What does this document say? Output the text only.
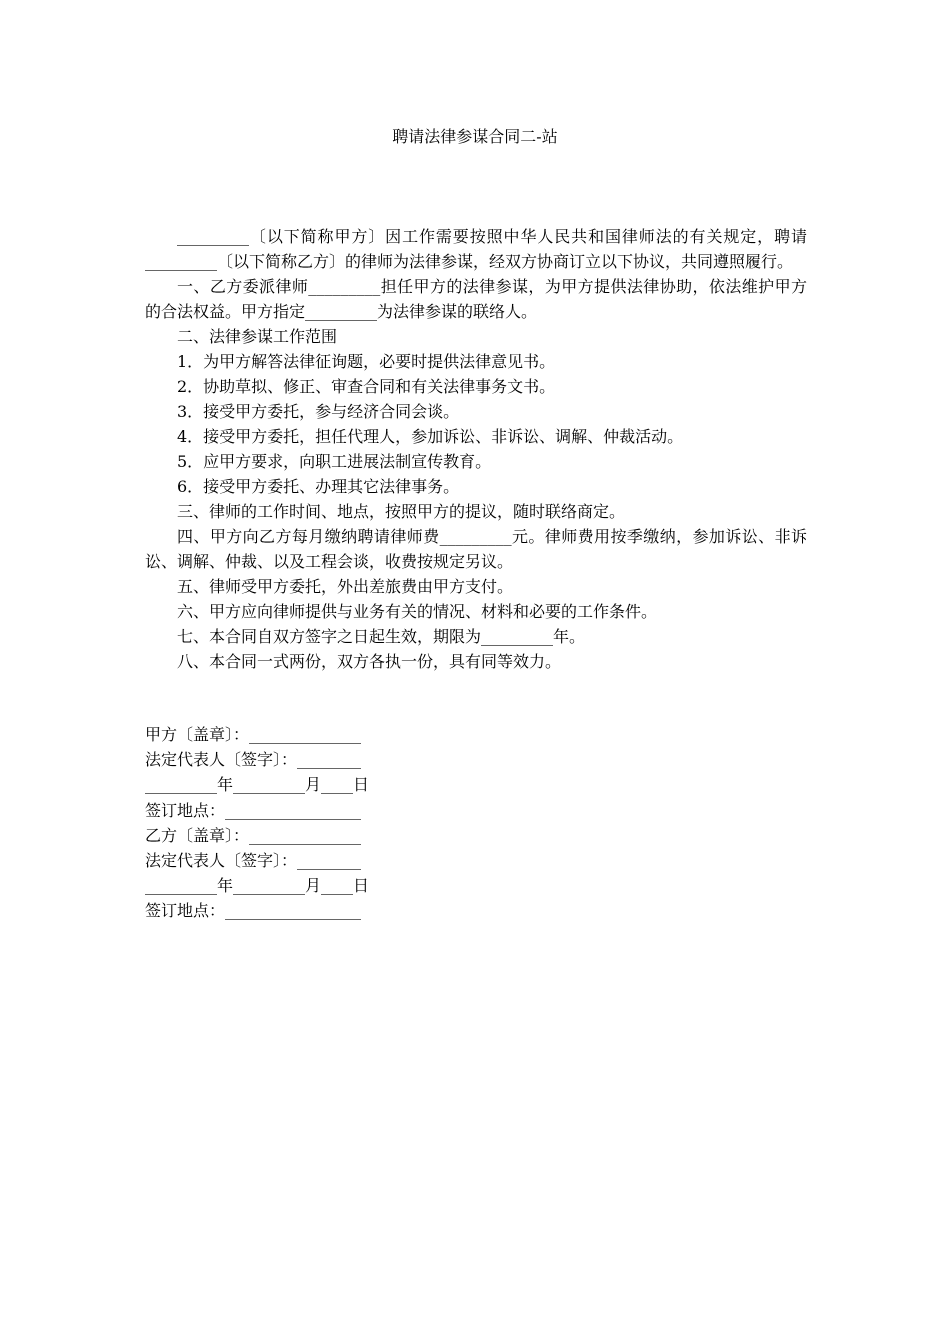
聘请法律参谋合同二-站

_________〔以下简称甲方〕因工作需要按照中华人民共和国律师法的有关规定，聘请_________〔以下简称乙方〕的律师为法律参谋，经双方协商订立以下协议，共同遵照履行。

一、乙方委派律师_________担任甲方的法律参谋，为甲方提供法律协助，依法维护甲方的合法权益。甲方指定_________为法律参谋的联络人。

二、法律参谋工作范围

1．为甲方解答法律征询题，必要时提供法律意见书。

2．协助草拟、修正、审查合同和有关法律事务文书。

3．接受甲方委托，参与经济合同会谈。

4．接受甲方委托，担任代理人，参加诉讼、非诉讼、调解、仲裁活动。

5．应甲方要求，向职工进展法制宣传教育。

6．接受甲方委托、办理其它法律事务。

三、律师的工作时间、地点，按照甲方的提议，随时联络商定。

四、甲方向乙方每月缴纳聘请律师费_________元。律师费用按季缴纳，参加诉讼、非诉讼、调解、仲裁、以及工程会谈，收费按规定另议。

五、律师受甲方委托，外出差旅费由甲方支付。

六、甲方应向律师提供与业务有关的情况、材料和必要的工作条件。

七、本合同自双方签字之日起生效，期限为_________年。

八、本合同一式两份，双方各执一份，具有同等效力。

甲方〔盖章〕：______________
法定代表人〔签字〕：________
_________年_________月____日
签订地点：_________________
乙方〔盖章〕：______________
法定代表人〔签字〕：________
_________年_________月____日
签订地点：_________________
